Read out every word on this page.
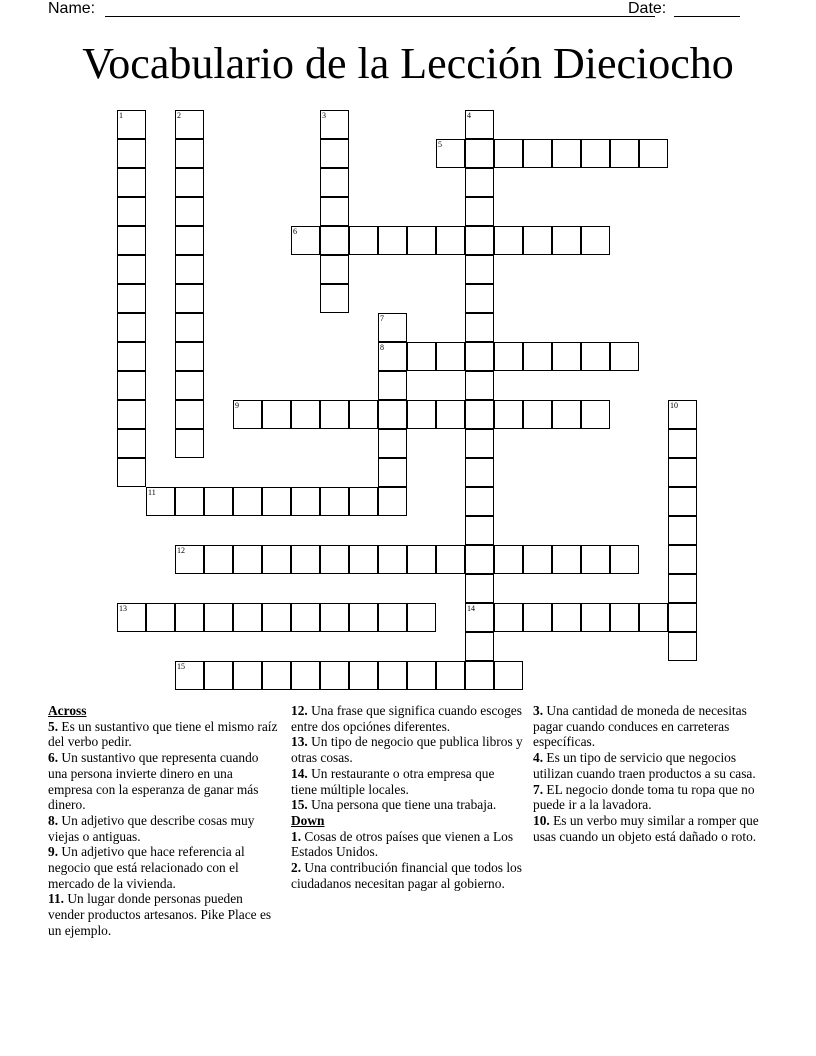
Name:	Date:
Vocabulario de la Lección Dieciocho
5
6
8
9
11
12
13	14
15
1	2	3	4
7
10

Across

5. Es un sustantivo que tiene el mismo raíz del verbo pedir.

6. Un sustantivo que representa cuando una persona invierte dinero en una empresa con la esperanza de ganar más dinero.

8. Un adjetivo que describe cosas muy viejas o antiguas.

9. Un adjetivo que hace referencia al negocio que está relacionado con el mercado de la vivienda.

11. Un lugar donde personas pueden vender productos artesanos. Pike Place es un ejemplo.

12. Una frase que significa cuando escoges entre dos opciónes diferentes.

13. Un tipo de negocio que publica libros y otras cosas.

14. Un restaurante o otra empresa que tiene múltiple locales.

15. Una persona que tiene una trabaja.

Down

1. Cosas de otros países que vienen a Los Estados Unidos.

2. Una contribución financial que todos los ciudadanos necesitan pagar al gobierno.

3. Una cantidad de moneda de necesitas pagar cuando conduces en carreteras específicas.

4. Es un tipo de servicio que negocios utilizan cuando traen productos a su casa.

7. EL negocio donde toma tu ropa que no puede ir a la lavadora.

10. Es un verbo muy similar a romper que usas cuando un objeto está dañado o roto.
